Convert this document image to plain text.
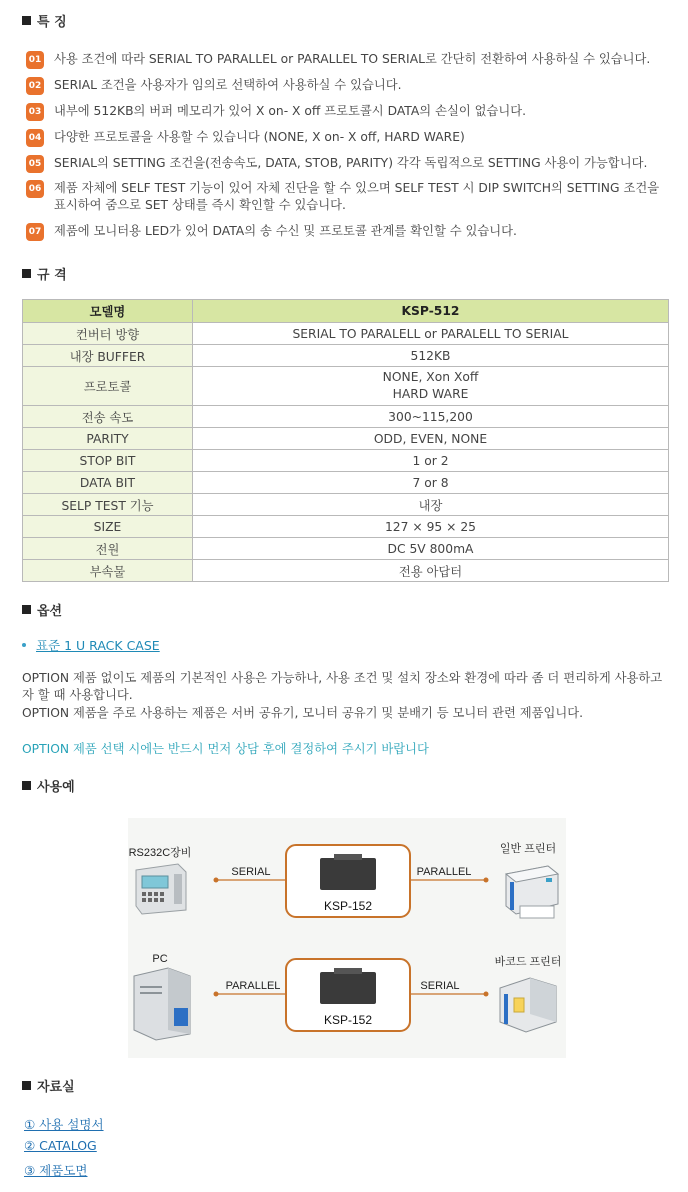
특 징
01 사용 조건에 따라 SERIAL TO PARALLEL or PARALLEL TO SERIAL로 간단히 전환하여 사용하실 수 있습니다.
02 SERIAL 조건을 사용자가 임의로 선택하여 사용하실 수 있습니다.
03 내부에 512KB의 버퍼 메모리가 있어 X on- X off 프로토콜시 DATA의 손실이 없습니다.
04 다양한 프로토콜을 사용할 수 있습니다 (NONE, X on- X off, HARD WARE)
05 SERIAL의 SETTING 조건을(전송속도, DATA, STOB, PARITY) 각각 독립적으로 SETTING 사용이 가능합니다.
06 제품 자체에 SELF TEST 기능이 있어 자체 진단을 할 수 있으며 SELF TEST 시 DIP SWITCH의 SETTING 조건을 표시하여 줌으로 SET 상태를 즉시 확인할 수 있습니다.
07 제품에 모니터용 LED가 있어 DATA의 송 수신 및 프로토콜 관계를 확인할 수 있습니다.
규 격
모델명	KSP-512
컨버터 방향	SERIAL TO PARALELL or PARALELL TO SERIAL
내장 BUFFER	512KB
프로토콜	NONE, Xon Xoff
HARD WARE

전송 속도	300~115,200
PARITY	ODD, EVEN, NONE
STOP BIT	1 or 2
DATA BIT	7 or 8
SELP TEST 기능	내장
SIZE	127 × 95 × 25
전원	DC 5V 800mA
부속물	전용 아답터
옵션
표준 1 U RACK CASE
OPTION 제품 없이도 제품의 기본적인 사용은 가능하나, 사용 조건 및 설치 장소와 환경에 따라 좀 더 편리하게 사용하고자 할 때 사용합니다.
OPTION 제품을 주로 사용하는 제품은 서버 공유기, 모니터 공유기 및 분배기 등 모니터 관련 제품입니다.
OPTION 제품 선택 시에는 반드시 먼저 상담 후에 결정하여 주시기 바랍니다
사용예
RS232C장비
SERIAL
KSP-152
PARALLEL
일반 프린터
PC
PARALLEL
KSP-152
SERIAL
바코드 프린터
자료실
① 사용 설명서
② CATALOG
③ 제품도면
